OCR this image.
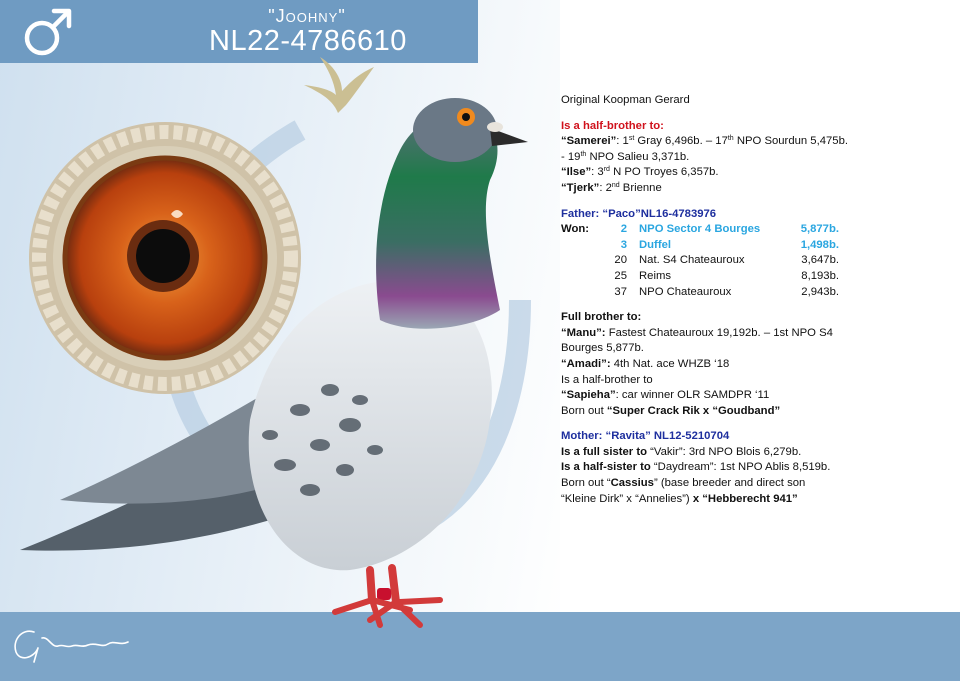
"Joohny"
NL22-4786610

Original Koopman Gerard

Is a half-brother to:

“Samerei”: 1st Gray 6,496b. – 17th NPO Sourdun 5,475b.

- 19th NPO Salieu 3,371b.

“Ilse”: 3rd N PO Troyes 6,357b.

“Tjerk”: 2nd Brienne

Father: “Paco”NL16-4783976

Won:	2	NPO Sector 4 Bourges	5,877b.
	3	Duffel	1,498b.
	20	Nat. S4 Chateauroux	3,647b.
	25	Reims	8,193b.
	37	NPO Chateauroux	2,943b.

Full brother to:

“Manu”: Fastest Chateauroux 19,192b. – 1st NPO S4

Bourges 5,877b.

“Amadi”: 4th Nat. ace WHZB ‘18

Is a half-brother to

“Sapieha”: car winner OLR SAMDPR ‘11

Born out “Super Crack Rik x “Goudband”

Mother: “Ravita” NL12-5210704

Is a full sister to “Vakir”: 3rd NPO Blois 6,279b.

Is a half-sister to “Daydream”: 1st NPO Ablis 8,519b.

Born out “Cassius” (base breeder and direct son

“Kleine Dirk” x “Annelies”) x “Hebberecht 941”
